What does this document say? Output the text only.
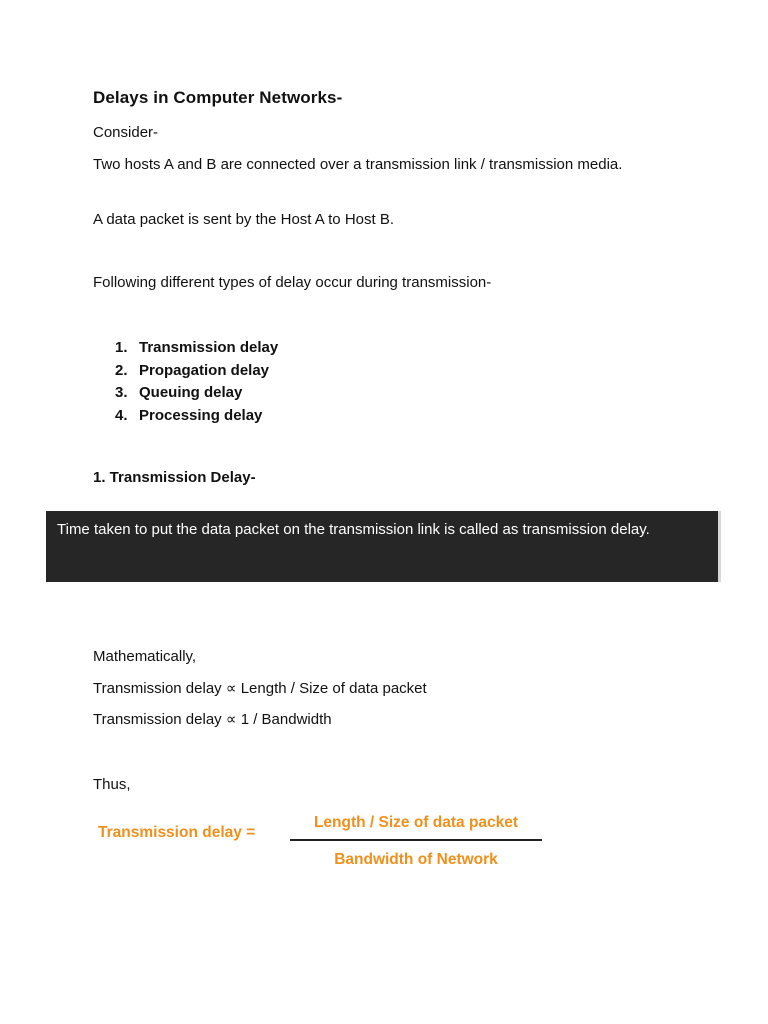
Delays in Computer Networks-
Consider-
Two hosts A and B are connected over a transmission link / transmission media.
A data packet is sent by the Host A to Host B.
Following different types of delay occur during transmission-
1. Transmission delay
2. Propagation delay
3. Queuing delay
4. Processing delay
1. Transmission Delay-
Time taken to put the data packet on the transmission link is called as transmission delay.
Mathematically,
Transmission delay ∝ Length / Size of data packet
Transmission delay ∝ 1 / Bandwidth
Thus,
Transmission delay =
Length / Size of data packet
Bandwidth of Network
